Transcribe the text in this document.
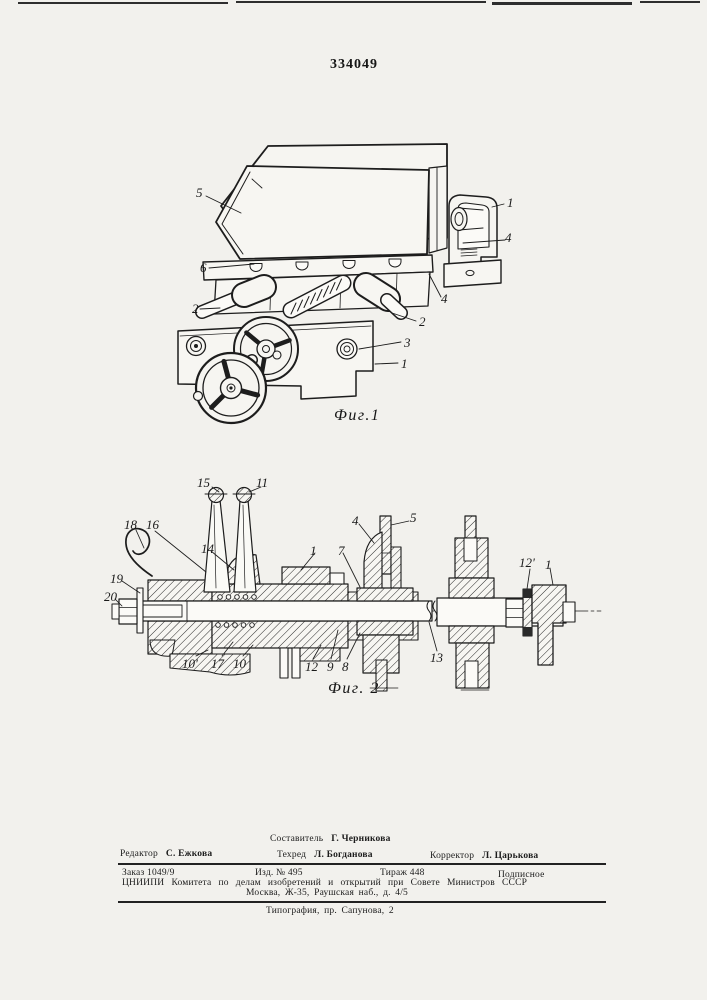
334049
5
1
4
6
2
2
4
3
1
Фиг.1
15	11
18 16
14	1 7
4	5
19
20
10' 17 10	12 9 8
13
12' 1
Фиг. 2
Составитель Г. Черникова
Редактор С. Ежкова	Техред Л. Богданова	Корректор Л. Царькова
Заказ 1049/9	Изд. № 495	Тираж 448	Подписное
ЦНИИПИ Комитета по делам изобретений и открытий при Совете Министров СССР
Москва, Ж-35, Раушская наб., д. 4/5
Типография, пр. Сапунова, 2
